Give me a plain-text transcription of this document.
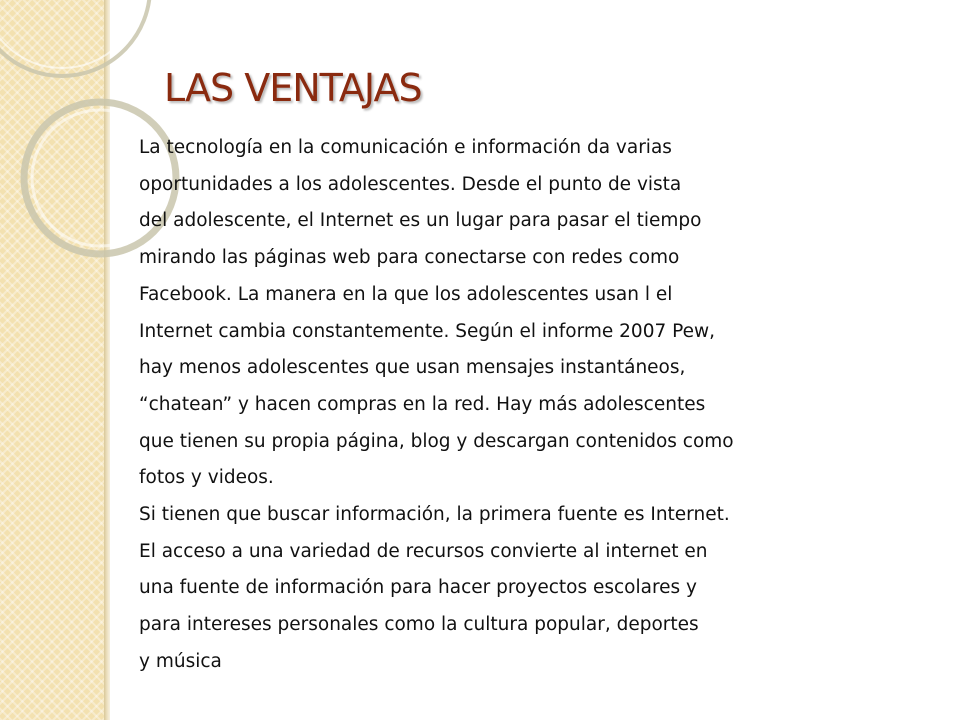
LAS VENTAJAS
La tecnología en la comunicación e información da varias
oportunidades a los adolescentes. Desde el punto de vista
del adolescente, el Internet es un lugar para pasar el tiempo
mirando las páginas web para conectarse con redes como
Facebook. La manera en la que los adolescentes usan l el
Internet cambia constantemente. Según el informe 2007 Pew,
hay menos adolescentes que usan mensajes instantáneos,
“chatean” y hacen compras en la red. Hay más adolescentes
que tienen su propia página, blog y descargan contenidos como
fotos y videos.
Si tienen que buscar información, la primera fuente es Internet.
El acceso a una variedad de recursos convierte al internet en
una fuente de información para hacer proyectos escolares y
para intereses personales como la cultura popular, deportes
y música
